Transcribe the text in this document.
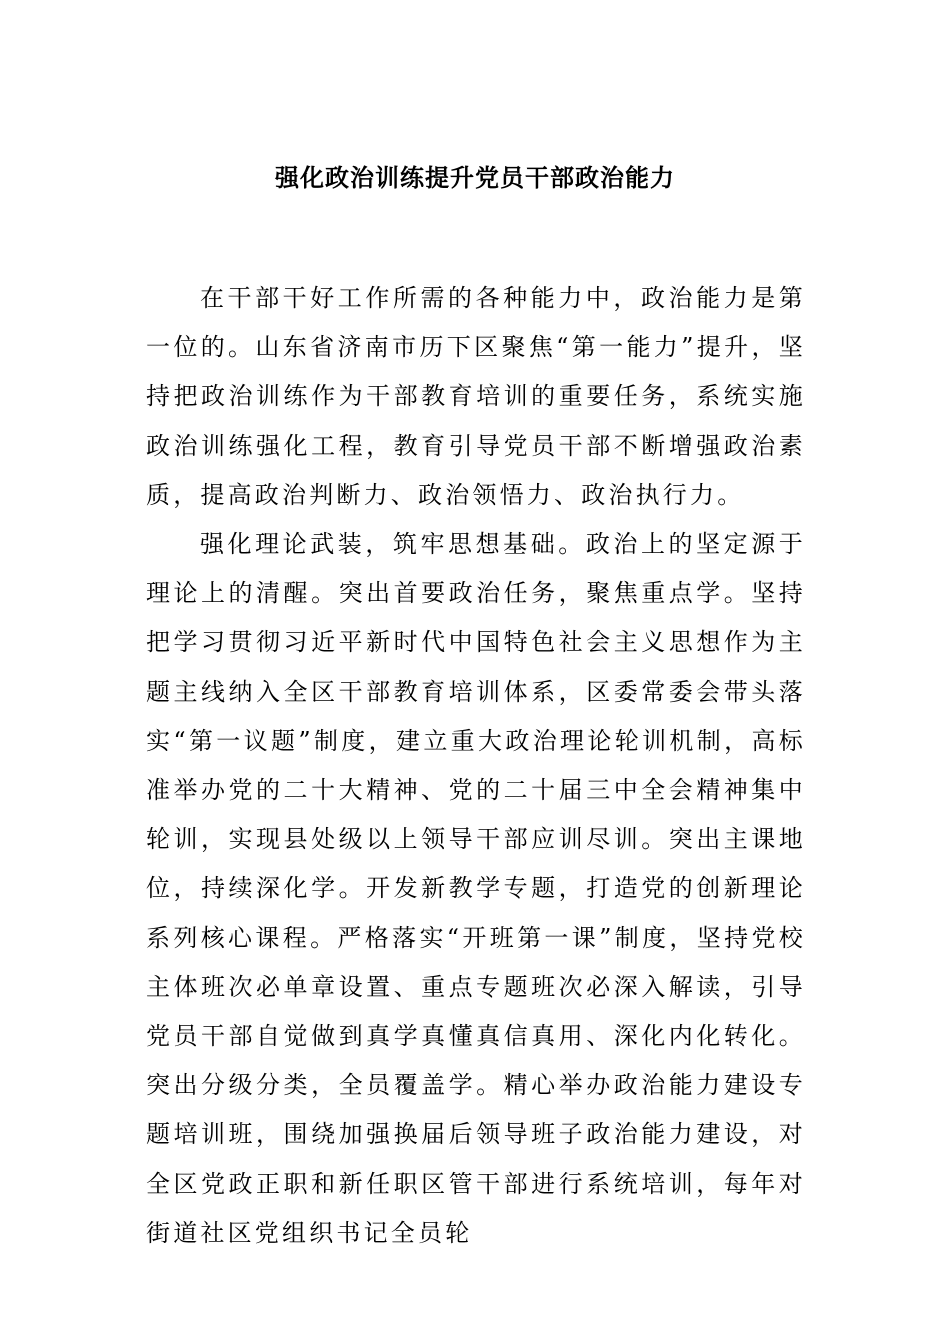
强化政治训练提升党员干部政治能力

在干部干好工作所需的各种能力中，政治能力是第一位的。山东省济南市历下区聚焦“第一能力”提升，坚持把政治训练作为干部教育培训的重要任务，系统实施政治训练强化工程，教育引导党员干部不断增强政治素质，提高政治判断力、政治领悟力、政治执行力。

强化理论武装，筑牢思想基础。政治上的坚定源于理论上的清醒。突出首要政治任务，聚焦重点学。坚持把学习贯彻习近平新时代中国特色社会主义思想作为主题主线纳入全区干部教育培训体系，区委常委会带头落实“第一议题”制度，建立重大政治理论轮训机制，高标准举办党的二十大精神、党的二十届三中全会精神集中轮训，实现县处级以上领导干部应训尽训。突出主课地位，持续深化学。开发新教学专题，打造党的创新理论系列核心课程。严格落实“开班第一课”制度，坚持党校主体班次必单章设置、重点专题班次必深入解读，引导党员干部自觉做到真学真懂真信真用、深化内化转化。突出分级分类，全员覆盖学。精心举办政治能力建设专题培训班，围绕加强换届后领导班子政治能力建设，对全区党政正职和新任职区管干部进行系统培训，每年对街道社区党组织书记全员轮
